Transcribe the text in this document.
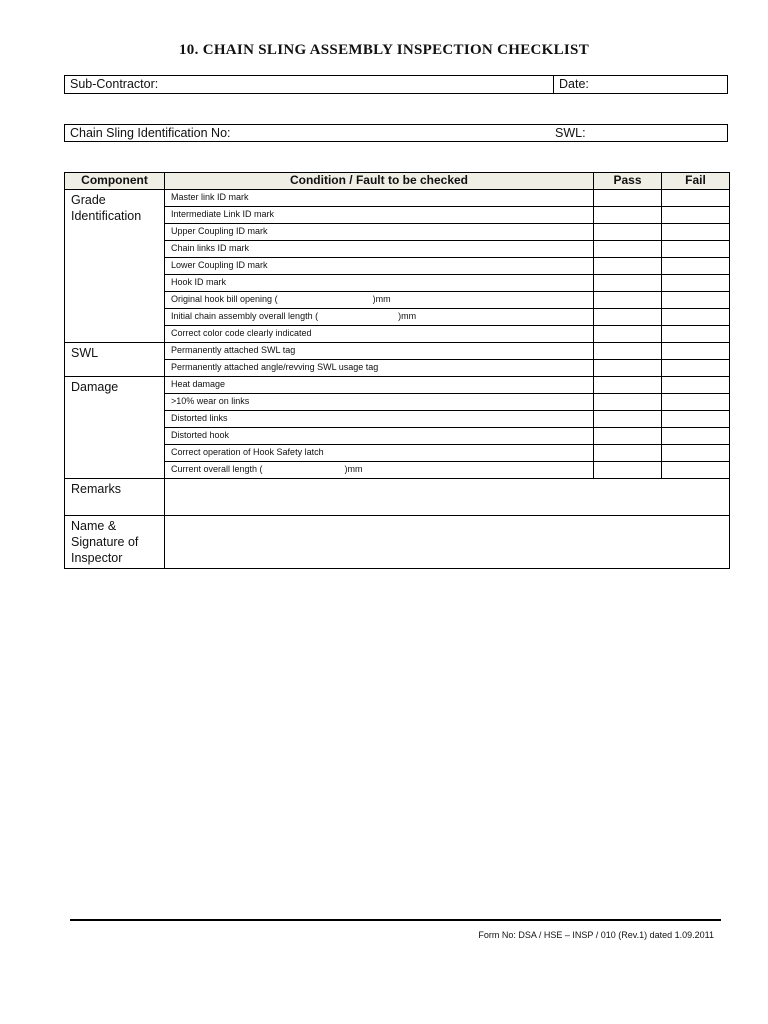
10. CHAIN SLING ASSEMBLY INSPECTION CHECKLIST
Sub-Contractor:	Date:
Chain Sling Identification No:	SWL:
Component	Condition / Fault to be checked	Pass	Fail
Grade Identification	Master link ID mark		
	Intermediate Link ID mark		
	Upper Coupling ID mark		
	Chain links ID mark		
	Lower Coupling ID mark		
	Hook ID mark		
	Original hook bill opening ( )mm		
	Initial chain assembly overall length ( )mm		
	Correct color code clearly indicated		
SWL	Permanently attached SWL tag		
	Permanently attached angle/revving SWL usage tag		
Damage	Heat damage		
	>10% wear on links		
	Distorted links		
	Distorted hook		
	Correct operation of Hook Safety latch		
	Current overall length ( )mm		
Remarks			
Name & Signature of Inspector			
Form No: DSA / HSE – INSP / 010 (Rev.1) dated 1.09.2011
